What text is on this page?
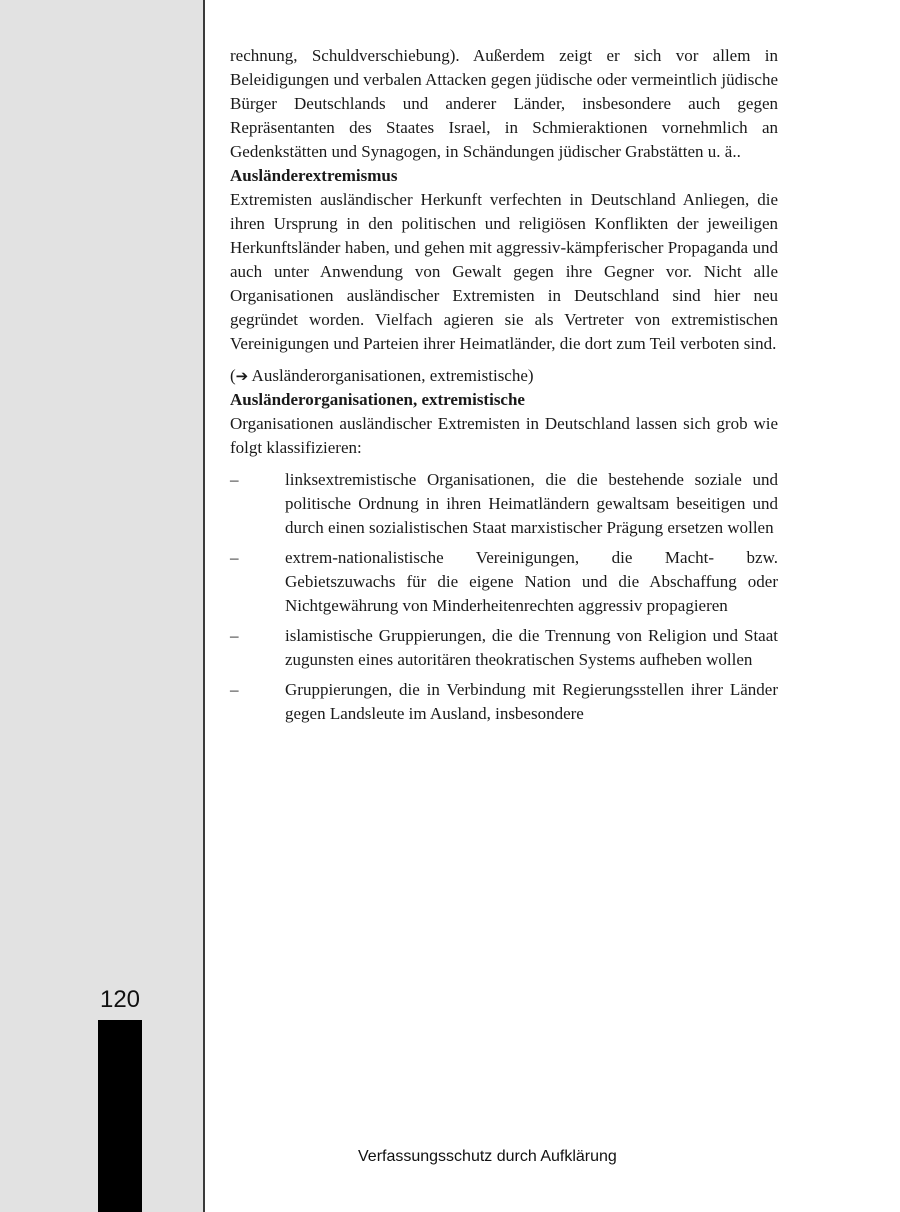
120

rechnung, Schuldverschiebung). Außerdem zeigt er sich vor allem in Beleidigungen und verbalen Attacken gegen jüdische oder vermeintlich jüdische Bürger Deutschlands und anderer Länder, insbesondere auch gegen Repräsentanten des Staates Israel, in Schmieraktionen vornehmlich an Gedenkstätten und Synagogen, in Schändungen jüdischer Grabstätten u. ä..

Ausländerextremismus

Extremisten ausländischer Herkunft verfechten in Deutschland Anliegen, die ihren Ursprung in den politischen und religiösen Konflikten der jeweiligen Herkunftsländer haben, und gehen mit aggressiv-kämpferischer Propaganda und auch unter Anwendung von Gewalt gegen ihre Gegner vor. Nicht alle Organisationen ausländischer Extremisten in Deutschland sind hier neu gegründet worden. Vielfach agieren sie als Vertreter von extremistischen Vereinigungen und Parteien ihrer Heimatländer, die dort zum Teil verboten sind.

(➔ Ausländerorganisationen, extremistische)

Ausländerorganisationen, extremistische

Organisationen ausländischer Extremisten in Deutschland lassen sich grob wie folgt klassifizieren:

–	linksextremistische Organisationen, die die bestehende soziale und politische Ordnung in ihren Heimatländern gewaltsam beseitigen und durch einen sozialistischen Staat marxistischer Prägung ersetzen wollen
–	extrem-nationalistische Vereinigungen, die Macht- bzw. Gebietszuwachs für die eigene Nation und die Abschaffung oder Nichtgewährung von Minderheitenrechten aggressiv propagieren
–	islamistische Gruppierungen, die die Trennung von Religion und Staat zugunsten eines autoritären theokratischen Systems aufheben wollen
–	Gruppierungen, die in Verbindung mit Regierungsstellen ihrer Länder gegen Landsleute im Ausland, insbesondere
Verfassungsschutz durch Aufklärung
